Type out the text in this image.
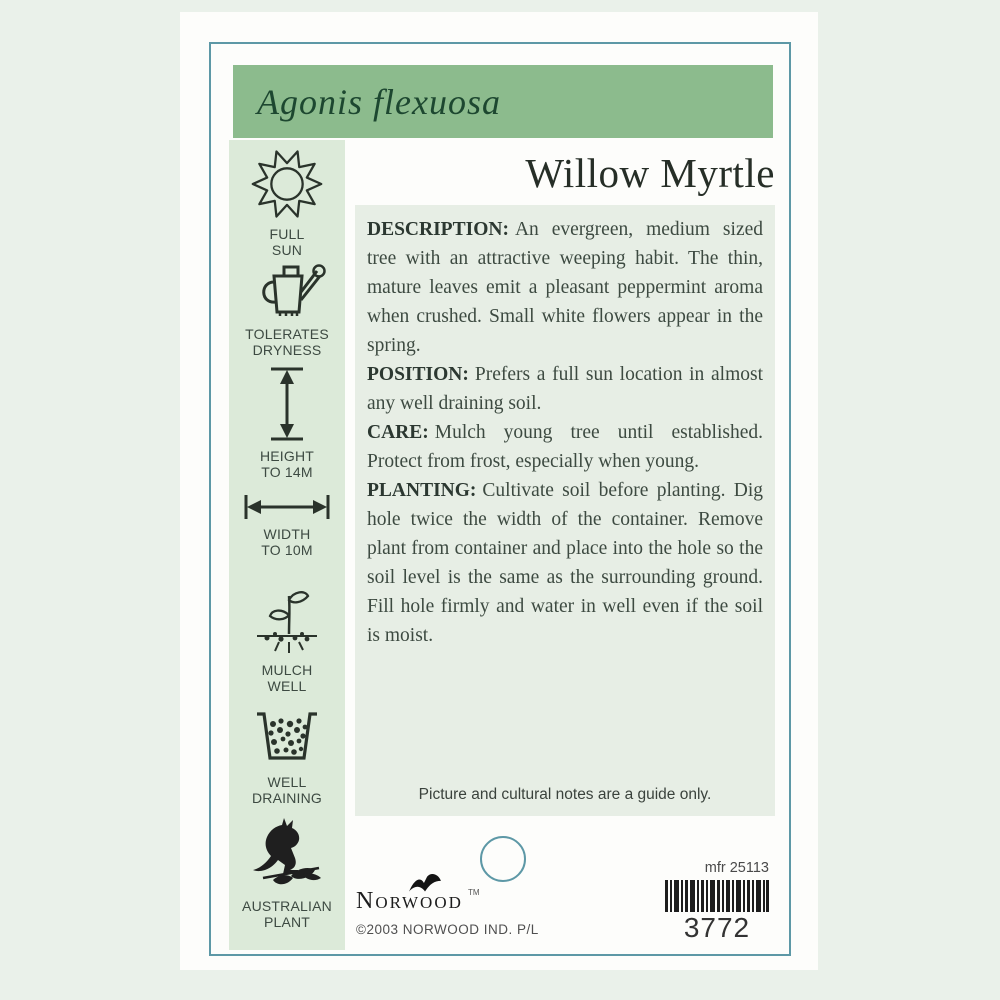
Agonis flexuosa
Willow Myrtle
FULL
SUN
TOLERATES
DRYNESS
HEIGHT
TO 14M
WIDTH
TO 10M
MULCH
WELL
WELL
DRAINING
AUSTRALIAN
PLANT

DESCRIPTION: An evergreen, medium sized tree with an attractive weeping habit. The thin, mature leaves emit a pleasant peppermint aroma when crushed. Small white flowers appear in the spring.

POSITION: Prefers a full sun location in almost any well draining soil.

CARE: Mulch young tree until established. Protect from frost, especially when young.

PLANTING: Cultivate soil before planting. Dig hole twice the width of the container. Remove plant from container and place into the hole so the soil level is the same as the surrounding ground. Fill hole firmly and water in well even if the soil is moist.

Picture and cultural notes are a guide only.
Norwood TM
©2003 NORWOOD IND. P/L
mfr 25113
3772
